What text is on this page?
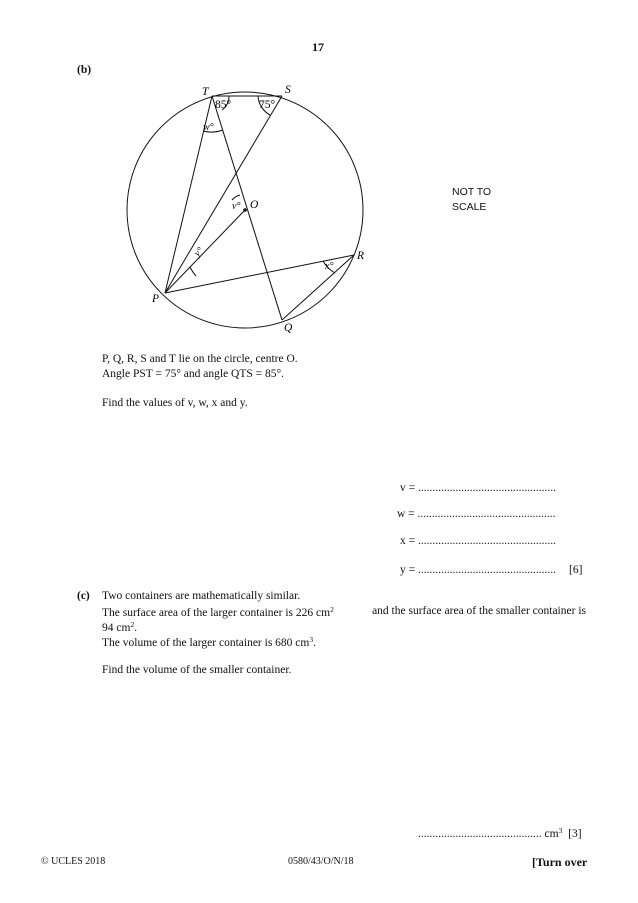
17
(b)
T	S
O
R
P
Q
85° 75°
w°
v°
y°
x°
NOT TO
SCALE
P, Q, R, S and T lie on the circle, centre O.
Angle PST = 75° and angle QTS = 85°.
Find the values of v, w, x and y.
v = ................................................
w = ................................................
x = ................................................
y = ................................................ [6]
(c) Two containers are mathematically similar.
The surface area of the larger container is 226 $cm^2$	and the surface area of the smaller container is
94 $cm^2$.
The volume of the larger container is 680 $cm^3$.
Find the volume of the smaller container.
........................................... $cm^3$ [3]
© UCLES 2018	0580/43/O/N/18	[Turn over
